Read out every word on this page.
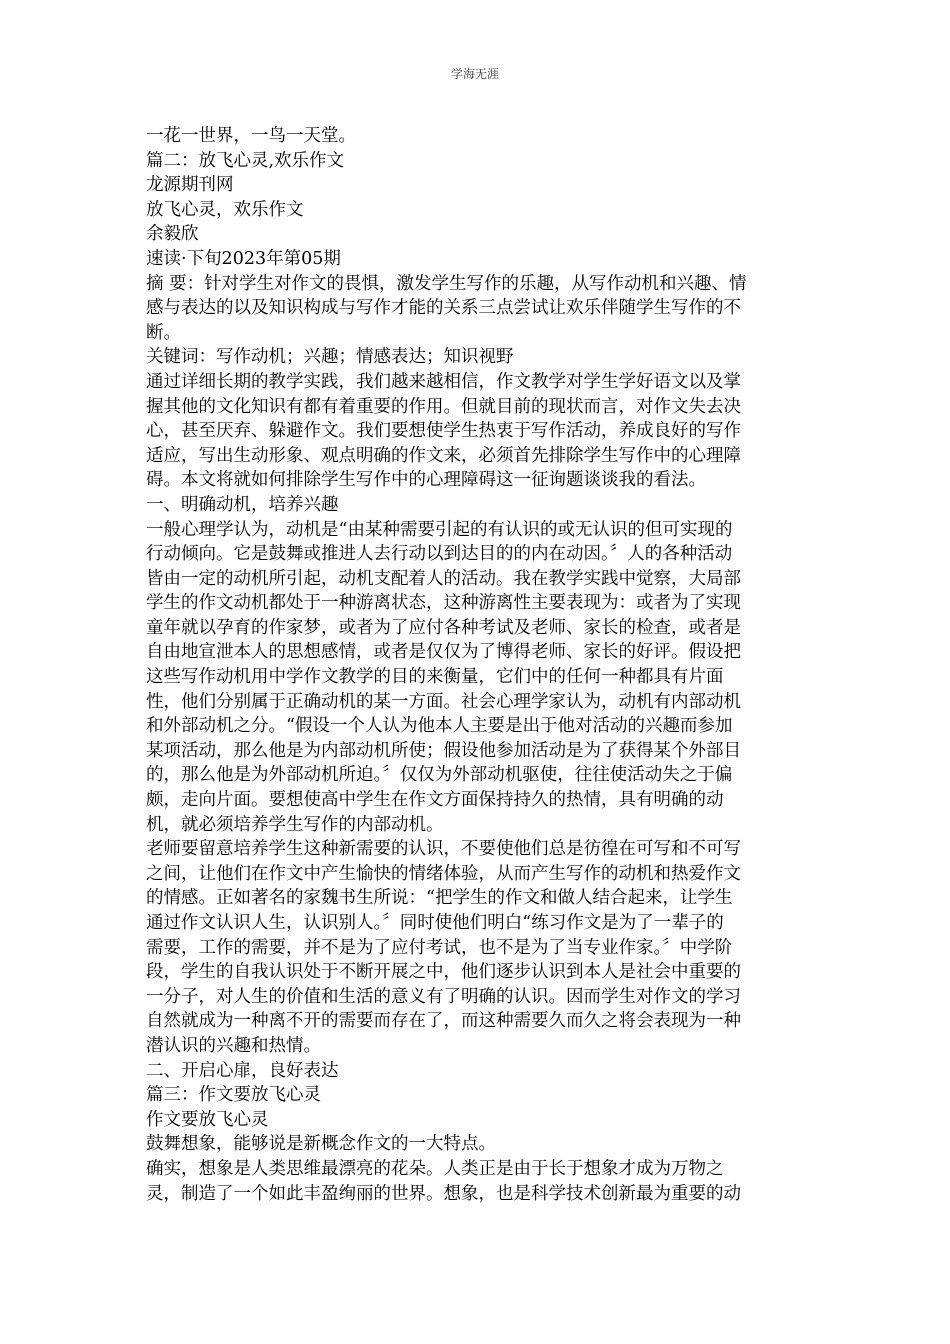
学海无涯
一花一世界，一鸟一天堂。
篇二：放飞心灵,欢乐作文
龙源期刊网
放飞心灵，欢乐作文
余毅欣
速读·下旬2023年第05期
摘 要：针对学生对作文的畏惧，激发学生写作的乐趣，从写作动机和兴趣、情
感与表达的以及知识构成与写作才能的关系三点尝试让欢乐伴随学生写作的不
断。
关键词：写作动机；兴趣；情感表达；知识视野
通过详细长期的教学实践，我们越来越相信，作文教学对学生学好语文以及掌
握其他的文化知识有都有着重要的作用。但就目前的现状而言，对作文失去决
心，甚至厌弃、躲避作文。我们要想使学生热衷于写作活动，养成良好的写作
适应，写出生动形象、观点明确的作文来，必须首先排除学生写作中的心理障
碍。本文将就如何排除学生写作中的心理障碍这一征询题谈谈我的看法。
一、明确动机，培养兴趣
一般心理学认为，动机是“由某种需要引起的有认识的或无认识的但可实现的
行动倾向。它是鼓舞或推进人去行动以到达目的的内在动因。〞人的各种活动
皆由一定的动机所引起，动机支配着人的活动。我在教学实践中觉察，大局部
学生的作文动机都处于一种游离状态，这种游离性主要表现为：或者为了实现
童年就以孕育的作家梦，或者为了应付各种考试及老师、家长的检查，或者是
自由地宣泄本人的思想感情，或者是仅仅为了博得老师、家长的好评。假设把
这些写作动机用中学作文教学的目的来衡量，它们中的任何一种都具有片面
性，他们分别属于正确动机的某一方面。社会心理学家认为，动机有内部动机
和外部动机之分。“假设一个人认为他本人主要是出于他对活动的兴趣而参加
某项活动，那么他是为内部动机所使；假设他参加活动是为了获得某个外部目
的，那么他是为外部动机所迫。〞仅仅为外部动机驱使，往往使活动失之于偏
颇，走向片面。要想使高中学生在作文方面保持持久的热情，具有明确的动
机，就必须培养学生写作的内部动机。
老师要留意培养学生这种新需要的认识，不要使他们总是彷徨在可写和不可写
之间，让他们在作文中产生愉快的情绪体验，从而产生写作的动机和热爱作文
的情感。正如著名的家魏书生所说：“把学生的作文和做人结合起来，让学生
通过作文认识人生，认识别人。〞同时使他们明白“练习作文是为了一辈子的
需要，工作的需要，并不是为了应付考试，也不是为了当专业作家。〞中学阶
段，学生的自我认识处于不断开展之中，他们逐步认识到本人是社会中重要的
一分子，对人生的价值和生活的意义有了明确的认识。因而学生对作文的学习
自然就成为一种离不开的需要而存在了，而这种需要久而久之将会表现为一种
潜认识的兴趣和热情。
二、开启心扉，良好表达
篇三：作文要放飞心灵
作文要放飞心灵
鼓舞想象，能够说是新概念作文的一大特点。
确实，想象是人类思维最漂亮的花朵。人类正是由于长于想象才成为万物之
灵，制造了一个如此丰盈绚丽的世界。想象，也是科学技术创新最为重要的动
